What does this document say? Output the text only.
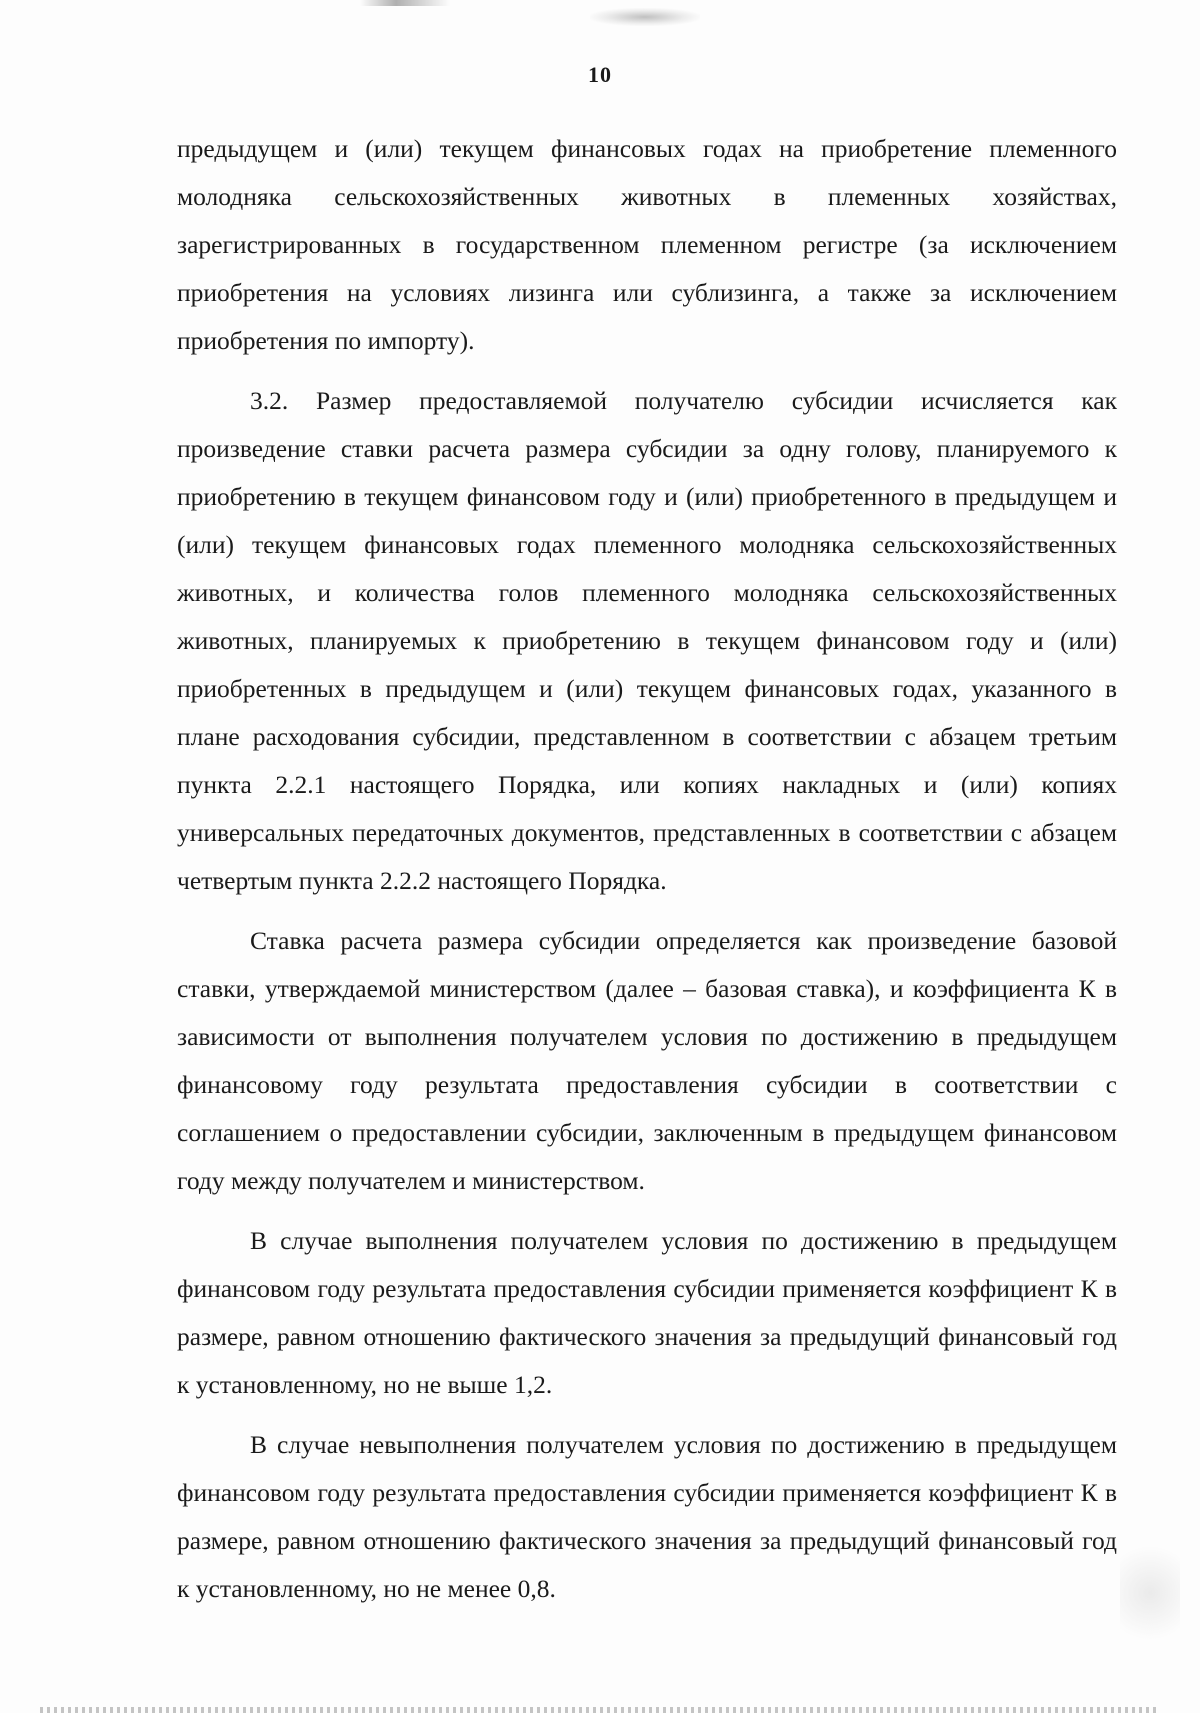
10

предыдущем и (или) текущем финансовых годах на приобретение племенного молодняка сельскохозяйственных животных в племенных хозяйствах, зарегистрированных в государственном племенном регистре (за исключением приобретения на условиях лизинга или сублизинга, а также за исключением приобретения по импорту).

3.2. Размер предоставляемой получателю субсидии исчисляется как произведение ставки расчета размера субсидии за одну голову, планируемого к приобретению в текущем финансовом году и (или) приобретенного в предыдущем и (или) текущем финансовых годах племенного молодняка сельскохозяйственных животных, и количества голов племенного молодняка сельскохозяйственных животных, планируемых к приобретению в текущем финансовом году и (или) приобретенных в предыдущем и (или) текущем финансовых годах, указанного в плане расходования субсидии, представленном в соответствии с абзацем третьим пункта 2.2.1 настоящего Порядка, или копиях накладных и (или) копиях универсальных передаточных документов, представленных в соответствии с абзацем четвертым пункта 2.2.2 настоящего Порядка.

Ставка расчета размера субсидии определяется как произведение базовой ставки, утверждаемой министерством (далее – базовая ставка), и коэффициента К в зависимости от выполнения получателем условия по достижению в предыдущем финансовому году результата предоставления субсидии в соответствии с соглашением о предоставлении субсидии, заключенным в предыдущем финансовом году между получателем и министерством.

В случае выполнения получателем условия по достижению в предыдущем финансовом году результата предоставления субсидии применяется коэффициент К в размере, равном отношению фактического значения за предыдущий финансовый год к установленному, но не выше 1,2.

В случае невыполнения получателем условия по достижению в предыдущем финансовом году результата предоставления субсидии применяется коэффициент К в размере, равном отношению фактического значения за предыдущий финансовый год к установленному, но не менее 0,8.
